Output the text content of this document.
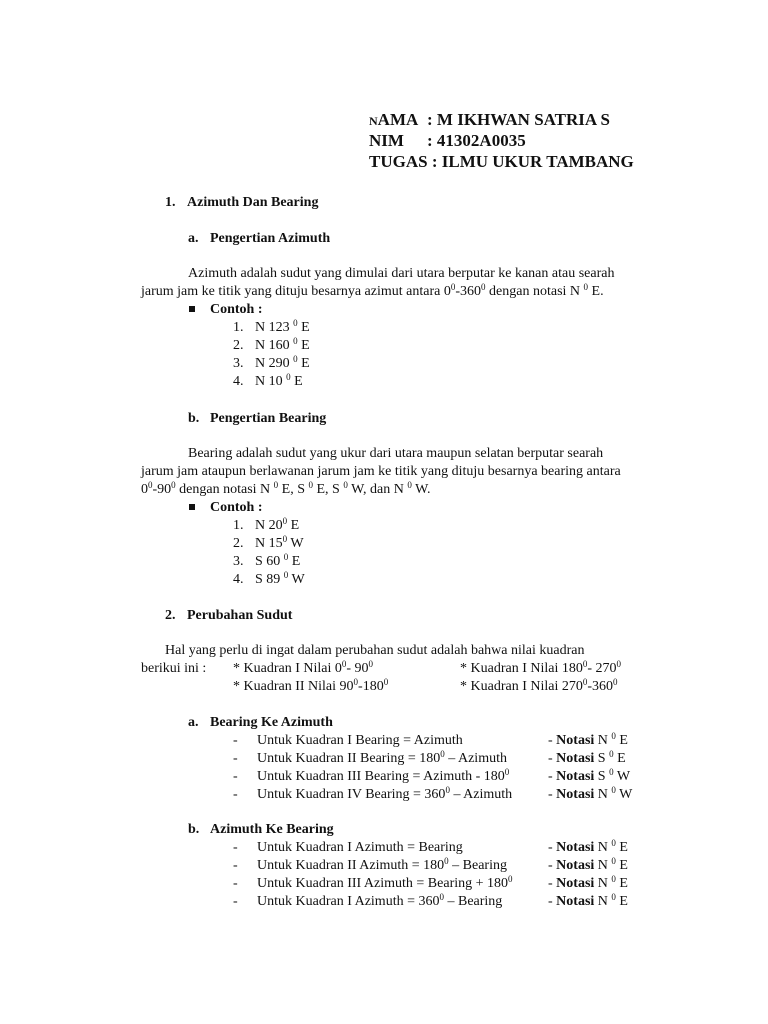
NAMA : M IKHWAN SATRIA S
NIM : 41302A0035
TUGAS : ILMU UKUR TAMBANG
1. Azimuth Dan Bearing
a. Pengertian Azimuth
Azimuth adalah sudut yang dimulai dari utara berputar ke kanan atau searah
jarum jam ke titik yang dituju besarnya azimut antara $0^0-360^0$ dengan notasi N $^0$ E.
Contoh :
1. N 123 $^0$ E
2. N 160 $^0$ E
3. N 290 $^0$ E
4. N 10 $^0$ E
b. Pengertian Bearing
Bearing adalah sudut yang ukur dari utara maupun selatan berputar searah
jarum jam ataupun berlawanan jarum jam ke titik yang dituju besarnya bearing antara
$0^0-90^0$ dengan notasi N $^0$ E, S $^0$ E, S $^0$ W, dan N $^0$ W.
Contoh :
1. N $20^0$ E
2. N $15^0$ W
3. S 60 $^0$ E
4. S 89 $^0$ W
2. Perubahan Sudut
Hal yang perlu di ingat dalam perubahan sudut adalah bahwa nilai kuadran
berikui ini : * Kuadran I Nilai $0^0-$ $90^0$
* Kuadran II Nilai $90^0-180^0$
* Kuadran I Nilai $180^0-$ $270^0$
* Kuadran I Nilai $270^0-360^0$
a. Bearing Ke Azimuth
- Untuk Kuadran I Bearing = Azimuth
- Untuk Kuadran II Bearing = $180^0$ – Azimuth
- Untuk Kuadran III Bearing = Azimuth - $180^0$
- Untuk Kuadran IV Bearing = $360^0$ – Azimuth
- Notasi N $^0$ E
- Notasi S $^0$ E
- Notasi S $^0$ W
- Notasi N $^0$ W
b. Azimuth Ke Bearing
- Untuk Kuadran I Azimuth = Bearing
- Untuk Kuadran II Azimuth = $180^0$ – Bearing
- Untuk Kuadran III Azimuth = Bearing + $180^0$
- Untuk Kuadran I Azimuth = $360^0$ – Bearing
- Notasi N $^0$ E
- Notasi N $^0$ E
- Notasi N $^0$ E
- Notasi N $^0$ E
